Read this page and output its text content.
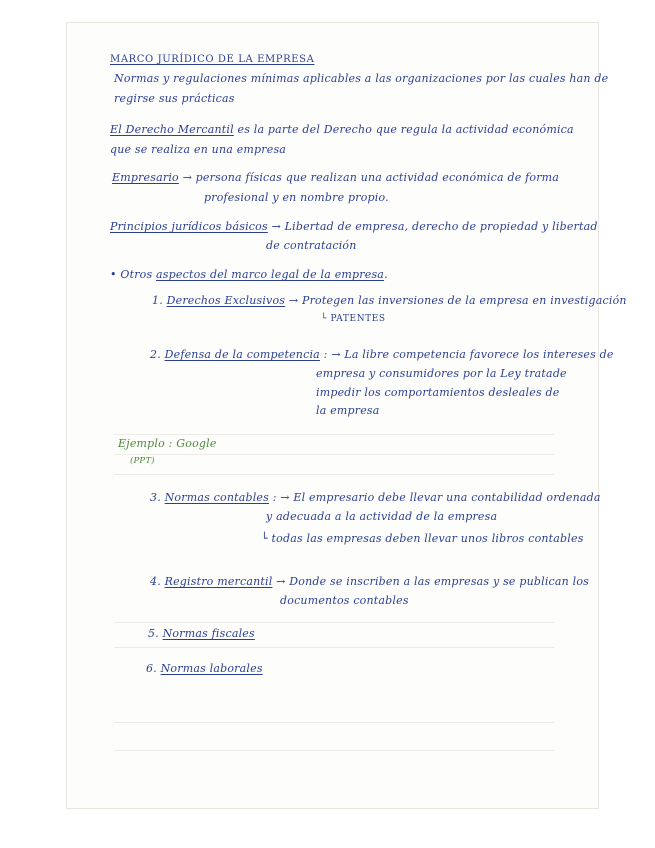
MARCO JURÍDICO DE LA EMPRESA
Normas y regulaciones mínimas aplicables a las organizaciones por las cuales han de
regirse sus prácticas
El Derecho Mercantil es la parte del Derecho que regula la actividad económica
que se realiza en una empresa
Empresario → persona físicas que realizan una actividad económica de forma
profesional y en nombre propio.
Principios jurídicos básicos → Libertad de empresa, derecho de propiedad y libertad
de contratación
• Otros aspectos del marco legal de la empresa.
1. Derechos Exclusivos → Protegen las inversiones de la empresa en investigación
└ PATENTES
2. Defensa de la competencia : → La libre competencia favorece los intereses de
empresa y consumidores por la Ley tratade
impedir los comportamientos desleales de
la empresa
Ejemplo : Google
(PPT)
3. Normas contables : → El empresario debe llevar una contabilidad ordenada
y adecuada a la actividad de la empresa
└ todas las empresas deben llevar unos libros contables
4. Registro mercantil → Donde se inscriben a las empresas y se publican los
documentos contables
5. Normas fiscales
6. Normas laborales
